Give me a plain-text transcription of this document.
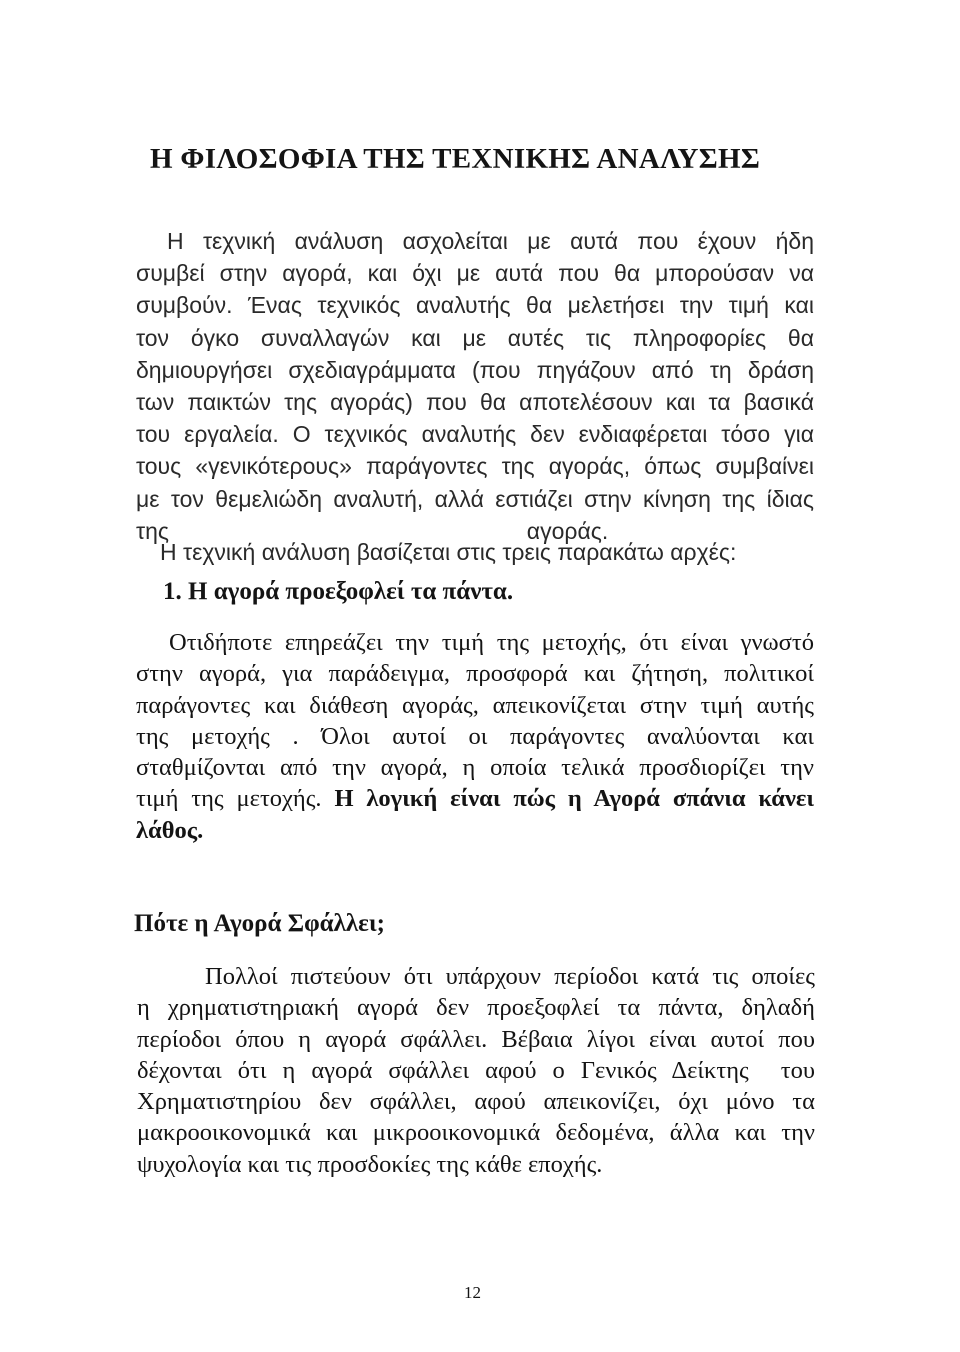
Η ΦΙΛΟΣΟΦΙΑ ΤΗΣ ΤΕΧΝΙΚΗΣ ΑΝΑΛΥΣΗΣ
Η τεχνική ανάλυση ασχολείται με αυτά που έχουν ήδη
συμβεί στην αγορά, και όχι με αυτά που θα μπορούσαν να
συμβούν. Ένας τεχνικός αναλυτής θα μελετήσει την τιμή και
τον όγκο συναλλαγών και με αυτές τις πληροφορίες θα
δημιουργήσει σχεδιαγράμματα (που πηγάζουν από τη δράση
των παικτών της αγοράς) που θα αποτελέσουν και τα βασικά
του εργαλεία. Ο τεχνικός αναλυτής δεν ενδιαφέρεται τόσο για
τους «γενικότερους» παράγοντες της αγοράς, όπως συμβαίνει
με τον θεμελιώδη αναλυτή, αλλά εστιάζει στην κίνηση της ίδιας
της                                                        αγοράς.
Η τεχνική ανάλυση βασίζεται στις τρεις παρακάτω αρχές:
1. Η αγορά προεξοφλεί τα πάντα.
Οτιδήποτε επηρεάζει την τιμή της μετοχής, ότι είναι γνωστό
στην αγορά, για παράδειγμα, προσφορά και ζήτηση, πολιτικοί
παράγοντες και διάθεση αγοράς, απεικονίζεται στην τιμή αυτής
της μετοχής . Όλοι αυτοί οι παράγοντες αναλύονται και
σταθμίζονται από την αγορά, η οποία τελικά προσδιορίζει την
τιμή της μετοχής. Η λογική είναι πώς η Αγορά σπάνια κάνει
λάθος.
Πότε η Αγορά Σφάλλει;
Πολλοί πιστεύουν ότι υπάρχουν περίοδοι κατά τις οποίες
η χρηματιστηριακή αγορά δεν προεξοφλεί τα πάντα, δηλαδή
περίοδοι όπου η αγορά σφάλλει. Βέβαια λίγοι είναι αυτοί που
δέχονται ότι η αγορά σφάλλει αφού ο Γενικός Δείκτης  του
Χρηματιστηρίου δεν σφάλλει, αφού απεικονίζει, όχι μόνο τα
μακροοικονομικά και μικροοικονομικά δεδομένα, άλλα και την
ψυχολογία και τις προσδοκίες της κάθε εποχής.

12
